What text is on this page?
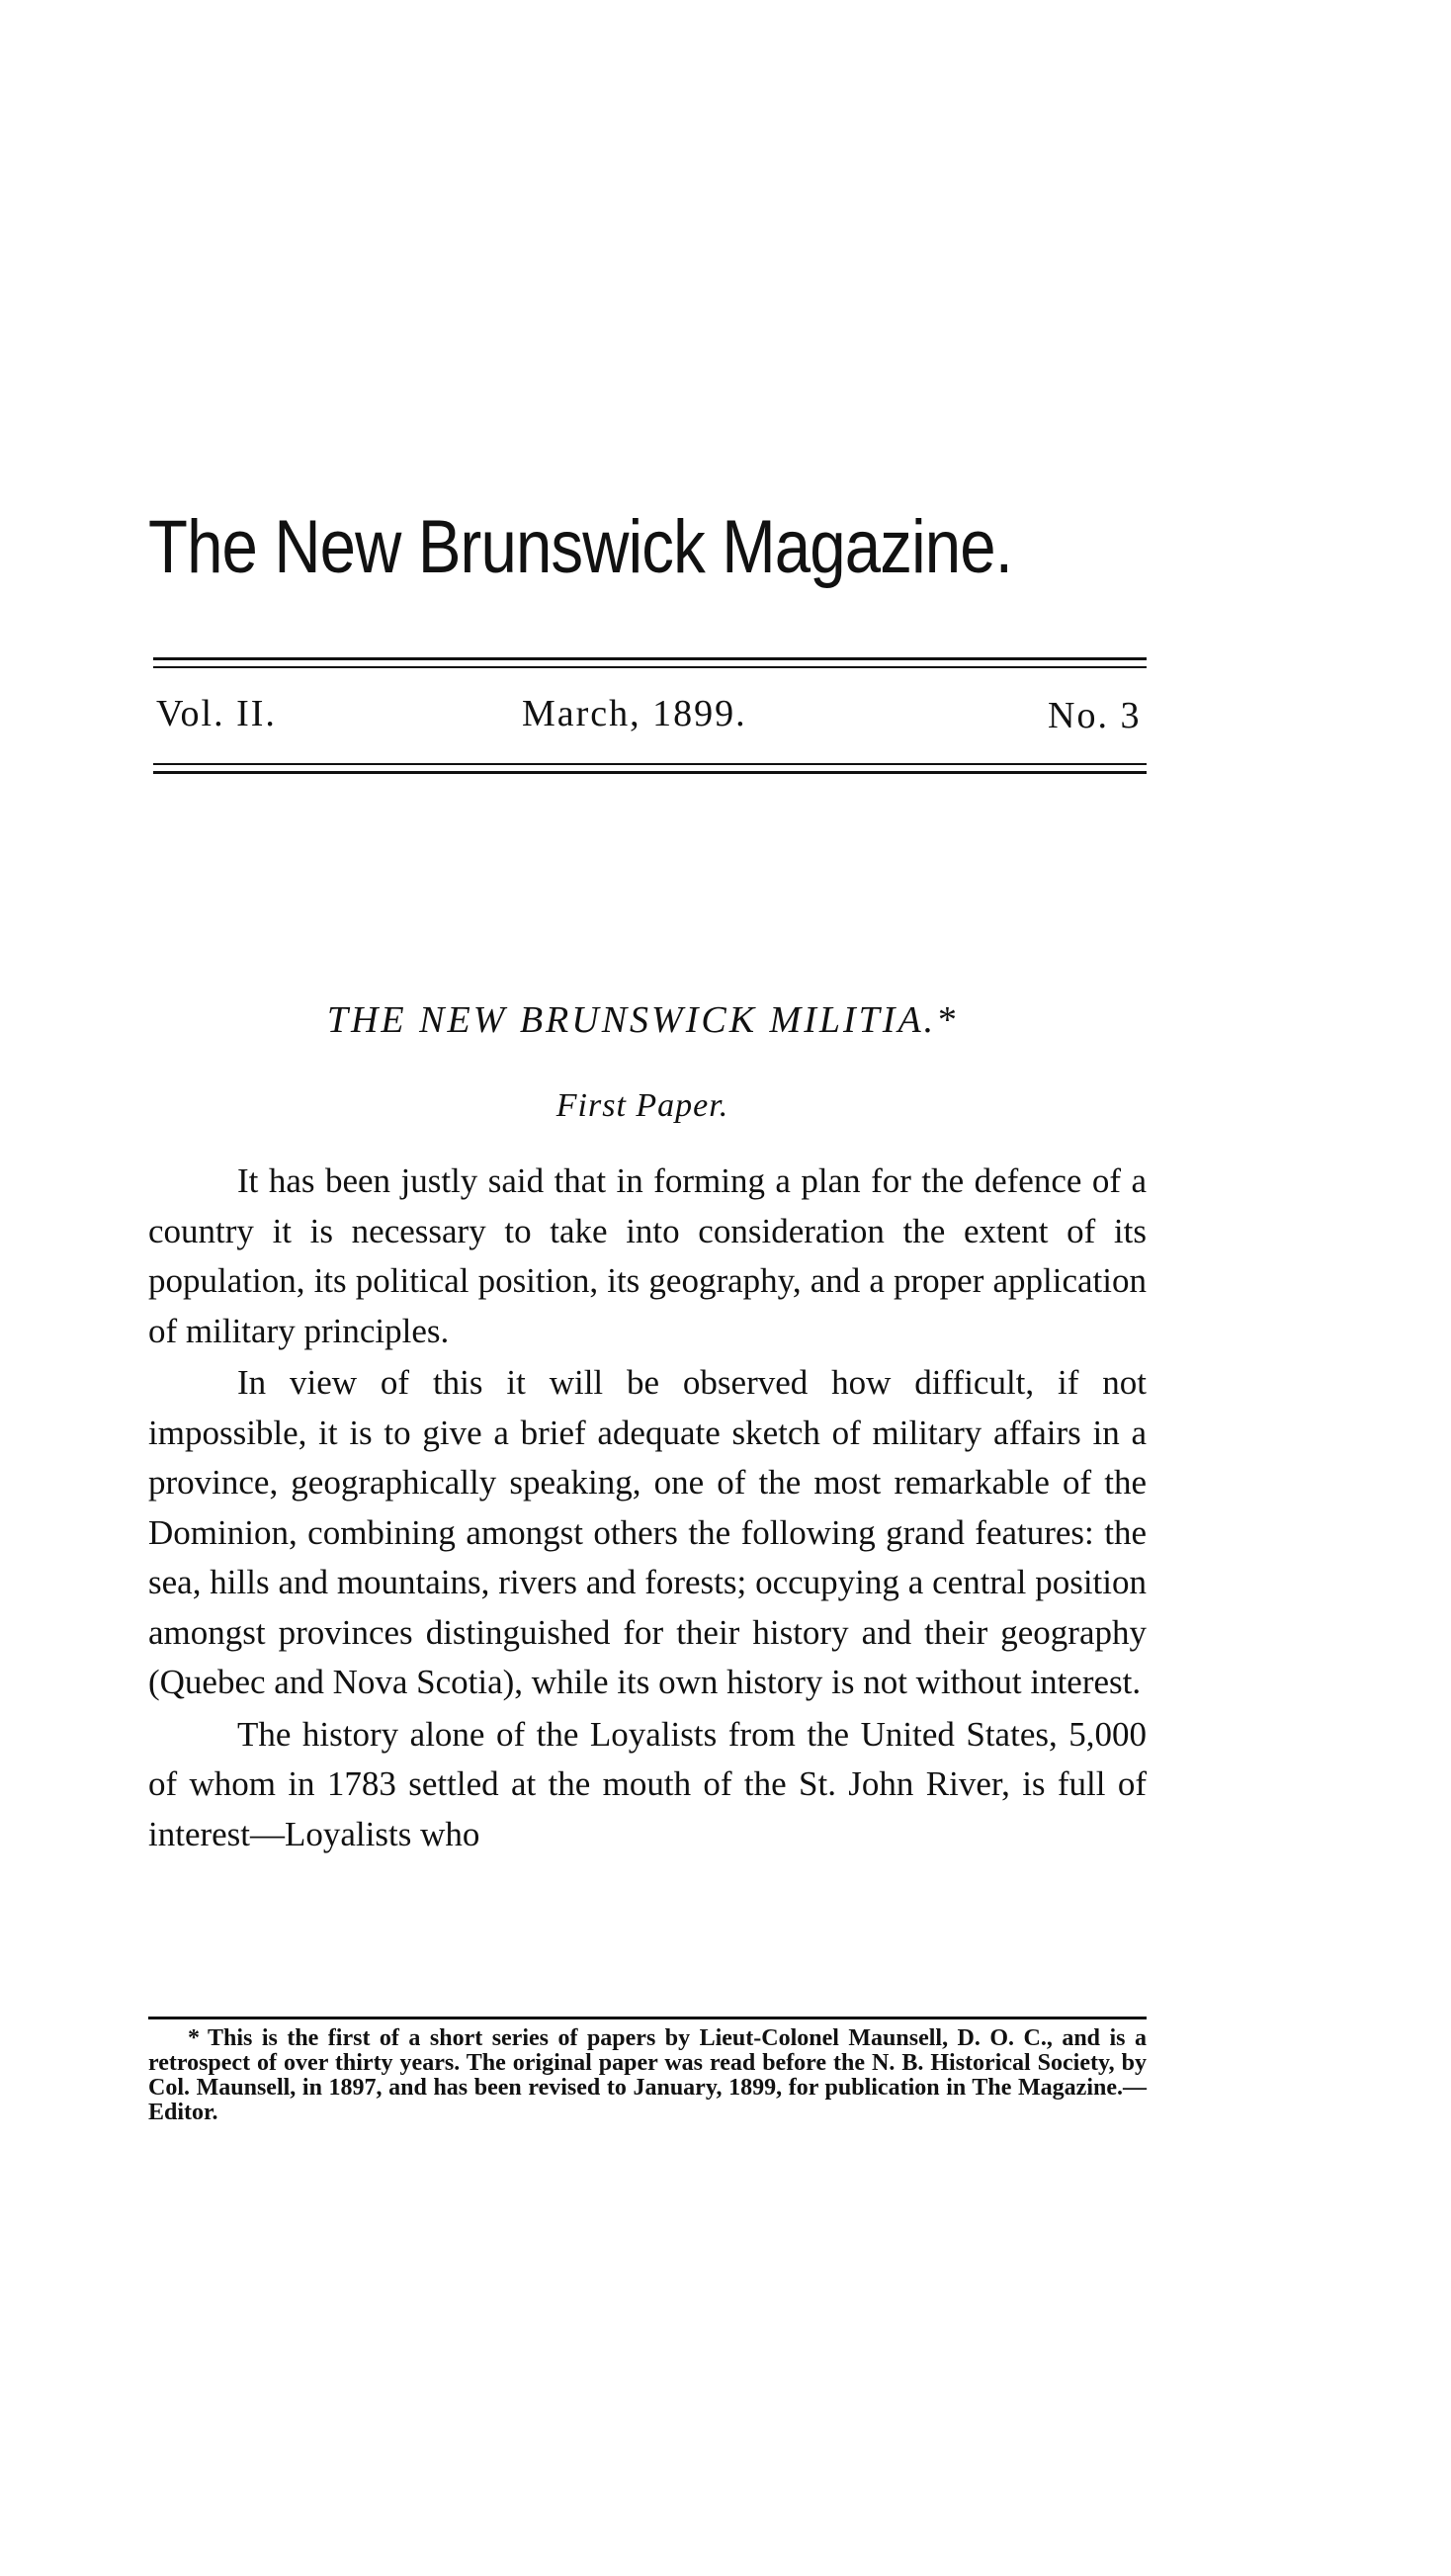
The New Brunswick Magazine.
Vol. II.	March, 1899.	No. 3
THE NEW BRUNSWICK MILITIA.*
First Paper.

It has been justly said that in forming a plan for the defence of a country it is necessary to take into consideration the extent of its population, its political position, its geography, and a proper application of military principles.

In view of this it will be observed how difficult, if not impossible, it is to give a brief adequate sketch of military affairs in a province, geographically speaking, one of the most remarkable of the Dominion, combining amongst others the following grand features: the sea, hills and mountains, rivers and forests; occupying a central position amongst provinces distinguished for their history and their geography (Quebec and Nova Scotia), while its own history is not without interest.

The history alone of the Loyalists from the United States, 5,000 of whom in 1783 settled at the mouth of the St. John River, is full of interest—Loyalists who

* This is the first of a short series of papers by Lieut-Colonel Maunsell, D. O. C., and is a retrospect of over thirty years. The original paper was read before the N. B. Historical Society, by Col. Maunsell, in 1897, and has been revised to January, 1899, for publication in The Magazine.—Editor.
